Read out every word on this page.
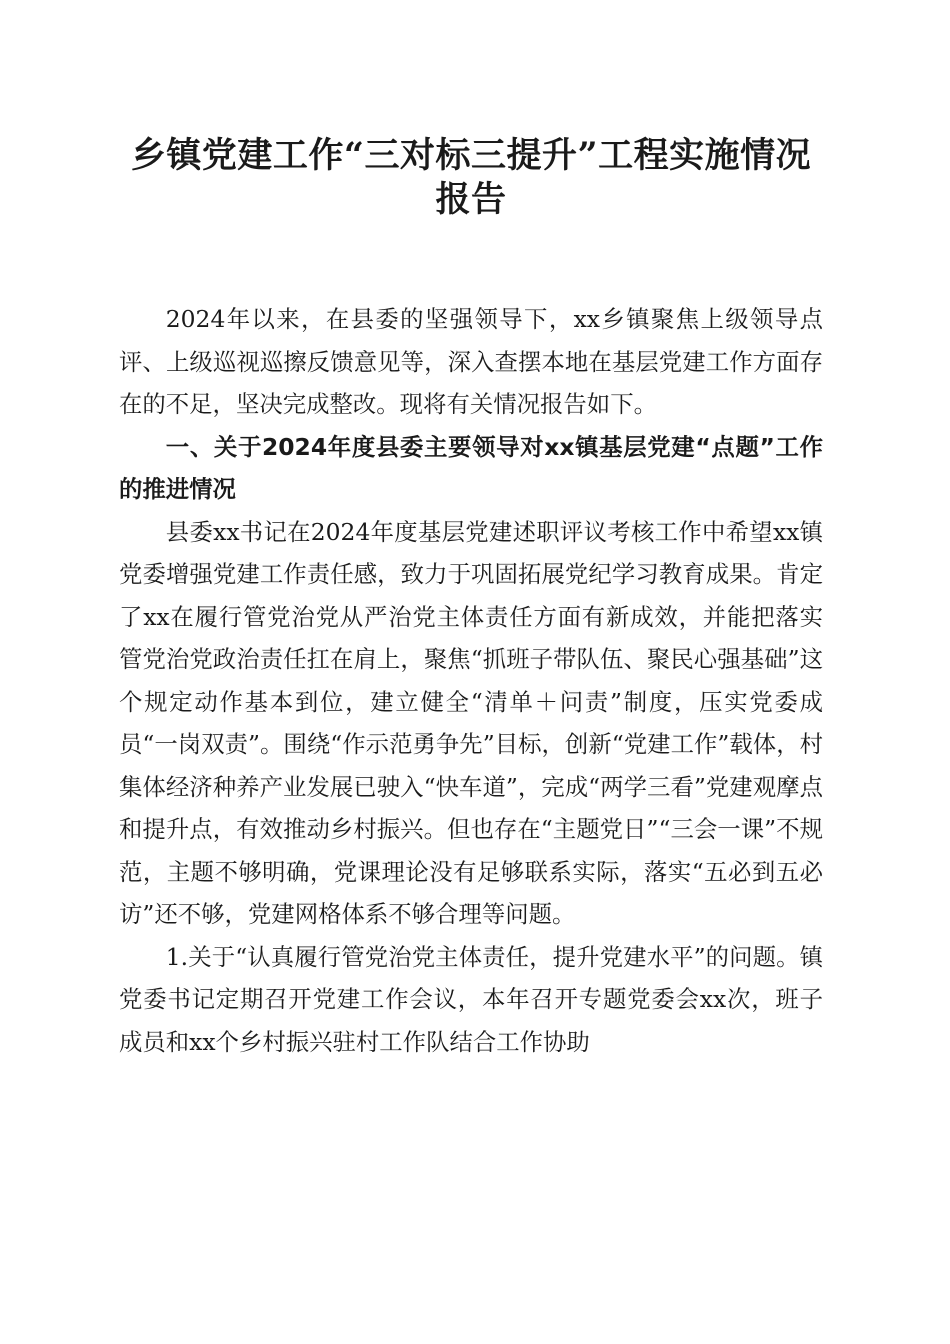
乡镇党建工作“三对标三提升”工程实施情况
报告

2024年以来，在县委的坚强领导下，xx乡镇聚焦上级领导点评、上级巡视巡擦反馈意见等，深入查摆本地在基层党建工作方面存在的不足，坚决完成整改。现将有关情况报告如下。

一、关于2024年度县委主要领导对xx镇基层党建“点题”工作的推进情况

县委xx书记在2024年度基层党建述职评议考核工作中希望xx镇党委增强党建工作责任感，致力于巩固拓展党纪学习教育成果。肯定了xx在履行管党治党从严治党主体责任方面有新成效，并能把落实管党治党政治责任扛在肩上，聚焦“抓班子带队伍、聚民心强基础”这个规定动作基本到位，建立健全“清单＋问责”制度，压实党委成员“一岗双责”。围绕“作示范勇争先”目标，创新“党建工作”载体，村集体经济种养产业发展已驶入“快车道”，完成“两学三看”党建观摩点和提升点，有效推动乡村振兴。但也存在“主题党日”“三会一课”不规范，主题不够明确，党课理论没有足够联系实际，落实“五必到五必访”还不够，党建网格体系不够合理等问题。

1.关于“认真履行管党治党主体责任，提升党建水平”的问题。镇党委书记定期召开党建工作会议，本年召开专题党委会xx次，班子成员和xx个乡村振兴驻村工作队结合工作协助
